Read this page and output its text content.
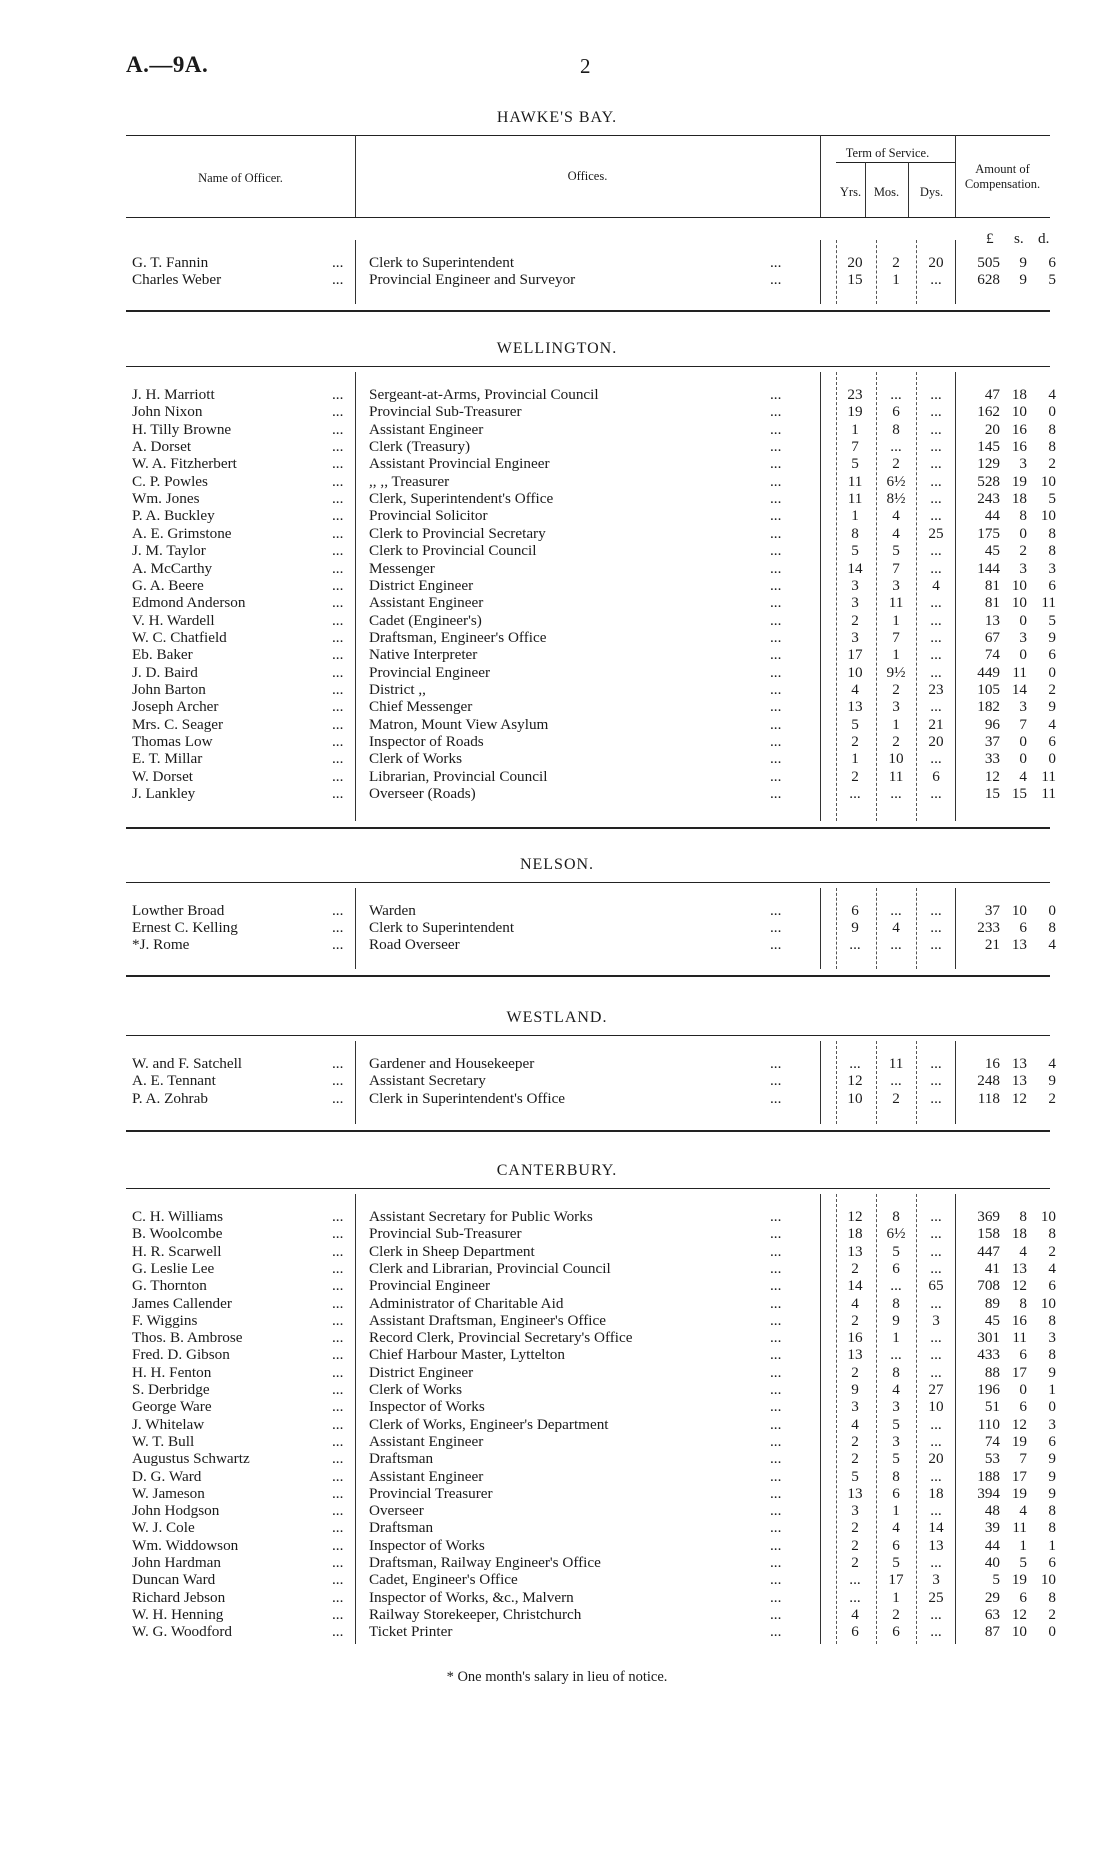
A.—9A.	2
HAWKE'S BAY.
Name of Officer.	Offices.
Term of Service.
Yrs.	Mos.	Dys.
Amount of Compensation.
£ s. d.
G. T. Fannin	Clerk to Superintendent	20	2	20	505	9	6
...	...
Charles Weber	Provincial Engineer and Surveyor	15	1	...	628	9	5
...	...
WELLINGTON.
J. H. Marriott	Sergeant-at-Arms, Provincial Council	23	...	...	47 18	4
...	...
John Nixon	Provincial Sub-Treasurer	19	6	...	162 10	0
...	...
H. Tilly Browne	Assistant Engineer	1	8	...	20 16	8
...	...
A. Dorset	Clerk (Treasury)	7	...	...	145 16	8
...	...
W. A. Fitzherbert	Assistant Provincial Engineer	5	2	...	129	3	2
...	...
C. P. Powles	,, ,, Treasurer	11	6½	...	528 19 10
...	...
Wm. Jones	Clerk, Superintendent's Office	11	8½	...	243 18	5
...	...
P. A. Buckley	Provincial Solicitor	1	4	...	44	8 10
...	...
A. E. Grimstone	Clerk to Provincial Secretary	8	4	25	175	0	8
...	...
J. M. Taylor	Clerk to Provincial Council	5	5	...	45	2	8
...	...
A. McCarthy	Messenger	14	7	...	144	3	3
...	...
G. A. Beere	District Engineer	3	3	4	81 10	6
...	...
Edmond Anderson	Assistant Engineer	3	11	...	81 10 11
...	...
V. H. Wardell	Cadet (Engineer's)	2	1	...	13	0	5
...	...
W. C. Chatfield	Draftsman, Engineer's Office	3	7	...	67	3	9
...	...
Eb. Baker	Native Interpreter	17	1	...	74	0	6
...	...
J. D. Baird	Provincial Engineer	10	9½	...	449 11	0
...	...
John Barton	District ,,	4	2	23	105 14	2
...	...
Joseph Archer	Chief Messenger	13	3	...	182	3	9
...	...
Mrs. C. Seager	Matron, Mount View Asylum	5	1	21	96	7	4
...	...
Thomas Low	Inspector of Roads	2	2	20	37	0	6
...	...
E. T. Millar	Clerk of Works	1	10	...	33	0	0
...	...
W. Dorset	Librarian, Provincial Council	2	11	6	12	4 11
...	...
J. Lankley	Overseer (Roads)	...	...	...	15 15 11
...	...
NELSON.
Lowther Broad	Warden	6	...	...	37 10	0
...	...
Ernest C. Kelling	Clerk to Superintendent	9	4	...	233	6	8
...	...
*J. Rome	Road Overseer	...	...	...	21 13	4
...	...
WESTLAND.
W. and F. Satchell	Gardener and Housekeeper	...	11	...	16 13	4
...	...
A. E. Tennant	Assistant Secretary	12	...	...	248 13	9
...	...
P. A. Zohrab	Clerk in Superintendent's Office	10	2	...	118 12	2
...	...
CANTERBURY.
C. H. Williams	Assistant Secretary for Public Works	12	8	...	369	8 10
...	...
B. Woolcombe	Provincial Sub-Treasurer	18	6½	...	158 18	8
...	...
H. R. Scarwell	Clerk in Sheep Department	13	5	...	447	4	2
...	...
G. Leslie Lee	Clerk and Librarian, Provincial Council	2	6	...	41 13	4
...	...
G. Thornton	Provincial Engineer	14	...	65	708 12	6
...	...
James Callender	Administrator of Charitable Aid	4	8	...	89	8 10
...	...
F. Wiggins	Assistant Draftsman, Engineer's Office	2	9	3	45 16	8
...	...
Thos. B. Ambrose	Record Clerk, Provincial Secretary's Office	16	1	...	301 11	3
...	...
Fred. D. Gibson	Chief Harbour Master, Lyttelton	13	...	...	433	6	8
...	...
H. H. Fenton	District Engineer	2	8	...	88 17	9
...	...
S. Derbridge	Clerk of Works	9	4	27	196	0	1
...	...
George Ware	Inspector of Works	3	3	10	51	6	0
...	...
J. Whitelaw	Clerk of Works, Engineer's Department	4	5	...	110 12	3
...	...
W. T. Bull	Assistant Engineer	2	3	...	74 19	6
...	...
Augustus Schwartz	Draftsman	2	5	20	53	7	9
...	...
D. G. Ward	Assistant Engineer	5	8	...	188 17	9
...	...
W. Jameson	Provincial Treasurer	13	6	18	394 19	9
...	...
John Hodgson	Overseer	3	1	...	48	4	8
...	...
W. J. Cole	Draftsman	2	4	14	39 11	8
...	...
Wm. Widdowson	Inspector of Works	2	6	13	44	1	1
...	...
John Hardman	Draftsman, Railway Engineer's Office	2	5	...	40	5	6
...	...
Duncan Ward	Cadet, Engineer's Office	...	17	3	5 19 10
...	...
Richard Jebson	Inspector of Works, &c., Malvern	...	1	25	29	6	8
...	...
W. H. Henning	Railway Storekeeper, Christchurch	4	2	...	63 12	2
...	...
W. G. Woodford	Ticket Printer	6	6	...	87 10	0
...	...
* One month's salary in lieu of notice.
